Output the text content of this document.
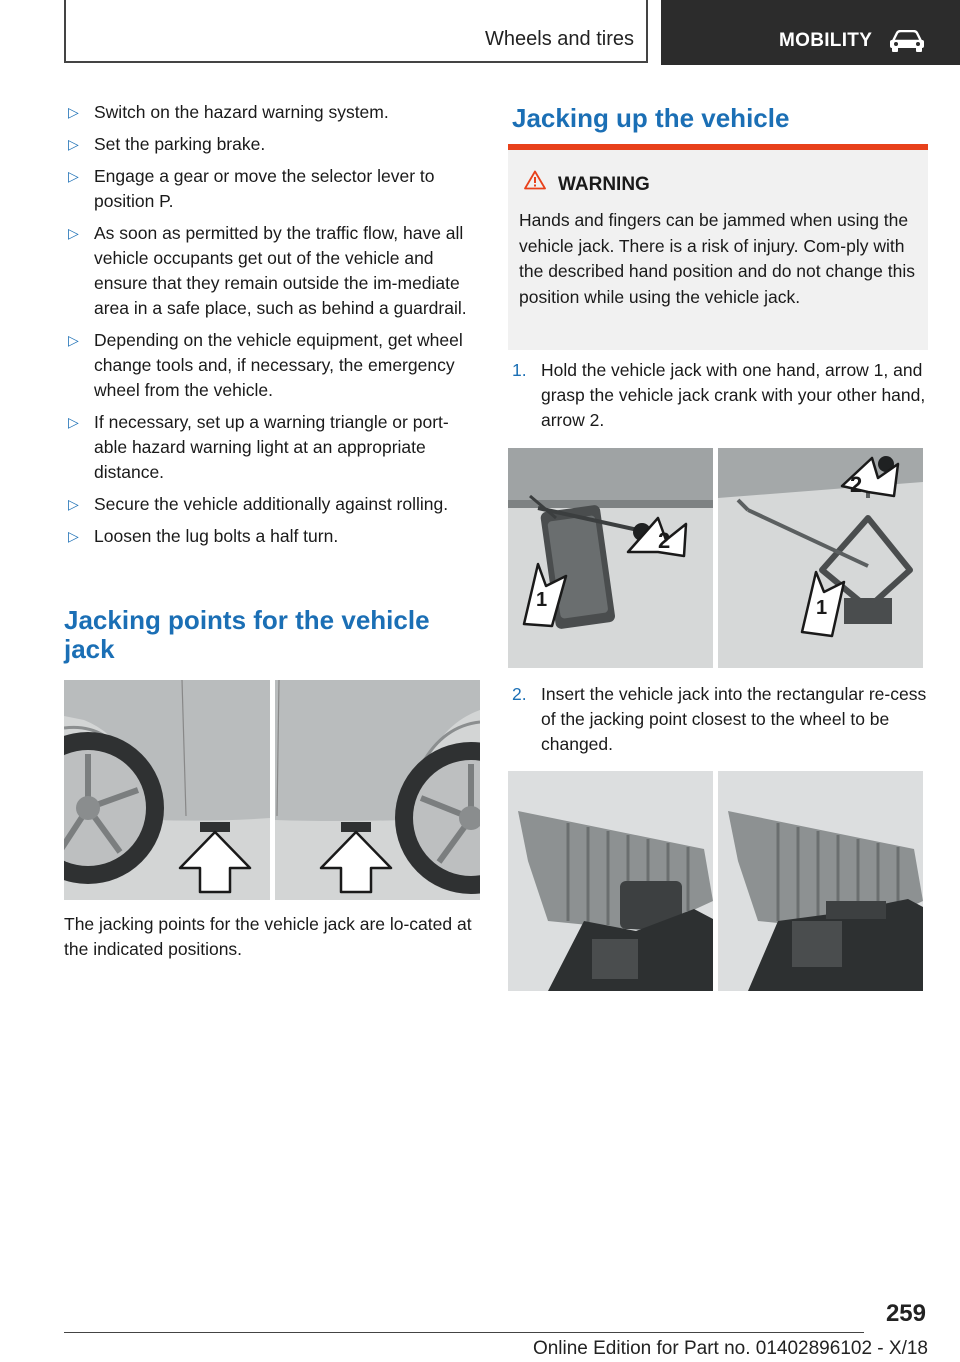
Wheels and tires	MOBILITY
▷ Switch on the hazard warning system.
▷ Set the parking brake.
▷ Engage a gear or move the selector lever to position P.
▷ As soon as permitted by the traffic flow, have all vehicle occupants get out of the vehicle and ensure that they remain outside the im‐mediate area in a safe place, such as behind a guardrail.
▷ Depending on the vehicle equipment, get wheel change tools and, if necessary, the emergency wheel from the vehicle.
▷ If necessary, set up a warning triangle or port‐able hazard warning light at an appropriate distance.
▷ Secure the vehicle additionally against rolling.
▷ Loosen the lug bolts a half turn.
Jacking points for the vehicle jack

The jacking points for the vehicle jack are lo‐cated at the indicated positions.

Jacking up the vehicle
WARNING
Hands and fingers can be jammed when using the vehicle jack. There is a risk of injury. Com‐ply with the described hand position and do not change this position while using the vehicle jack.
1. Hold the vehicle jack with one hand, arrow 1, and grasp the vehicle jack crank with your other hand, arrow 2.
1
2
2
1
2. Insert the vehicle jack into the rectangular re‐cess of the jacking point closest to the wheel to be changed.
259
Online Edition for Part no. 01402896102 - X/18
